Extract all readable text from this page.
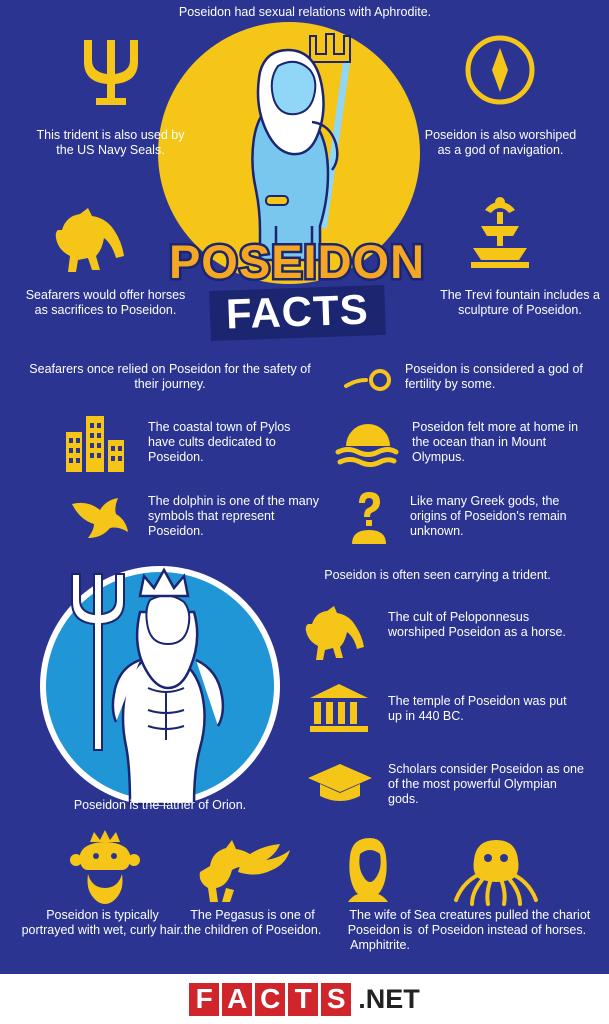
Poseidon had sexual relations with Aphrodite.
This trident is also used by the US Navy Seals.
Poseidon is also worshiped as a god of navigation.
Seafarers would offer horses as sacrifices to Poseidon.
The Trevi fountain includes a sculpture of Poseidon.
POSEIDON
FACTS
Seafarers once relied on Poseidon for the safety of their journey.
Poseidon is considered a god of fertility by some.
The coastal town of Pylos have cults dedicated to Poseidon.
Poseidon felt more at home in the ocean than in Mount Olympus.
The dolphin is one of the many symbols that represent Poseidon.
Like many Greek gods, the origins of Poseidon's remain unknown.
Poseidon is often seen carrying a trident.
The cult of Peloponnesus worshiped Poseidon as a horse.
The temple of Poseidon was put up in 440 BC.
Scholars consider Poseidon as one of the most powerful Olympian gods.
Poseidon is the father of Orion.
Poseidon is typically portrayed with wet, curly hair.
The Pegasus is one of the children of Poseidon.
The wife of Poseidon is Amphitrite.
Sea creatures pulled the chariot of Poseidon instead of horses.
F A C T S .NET
